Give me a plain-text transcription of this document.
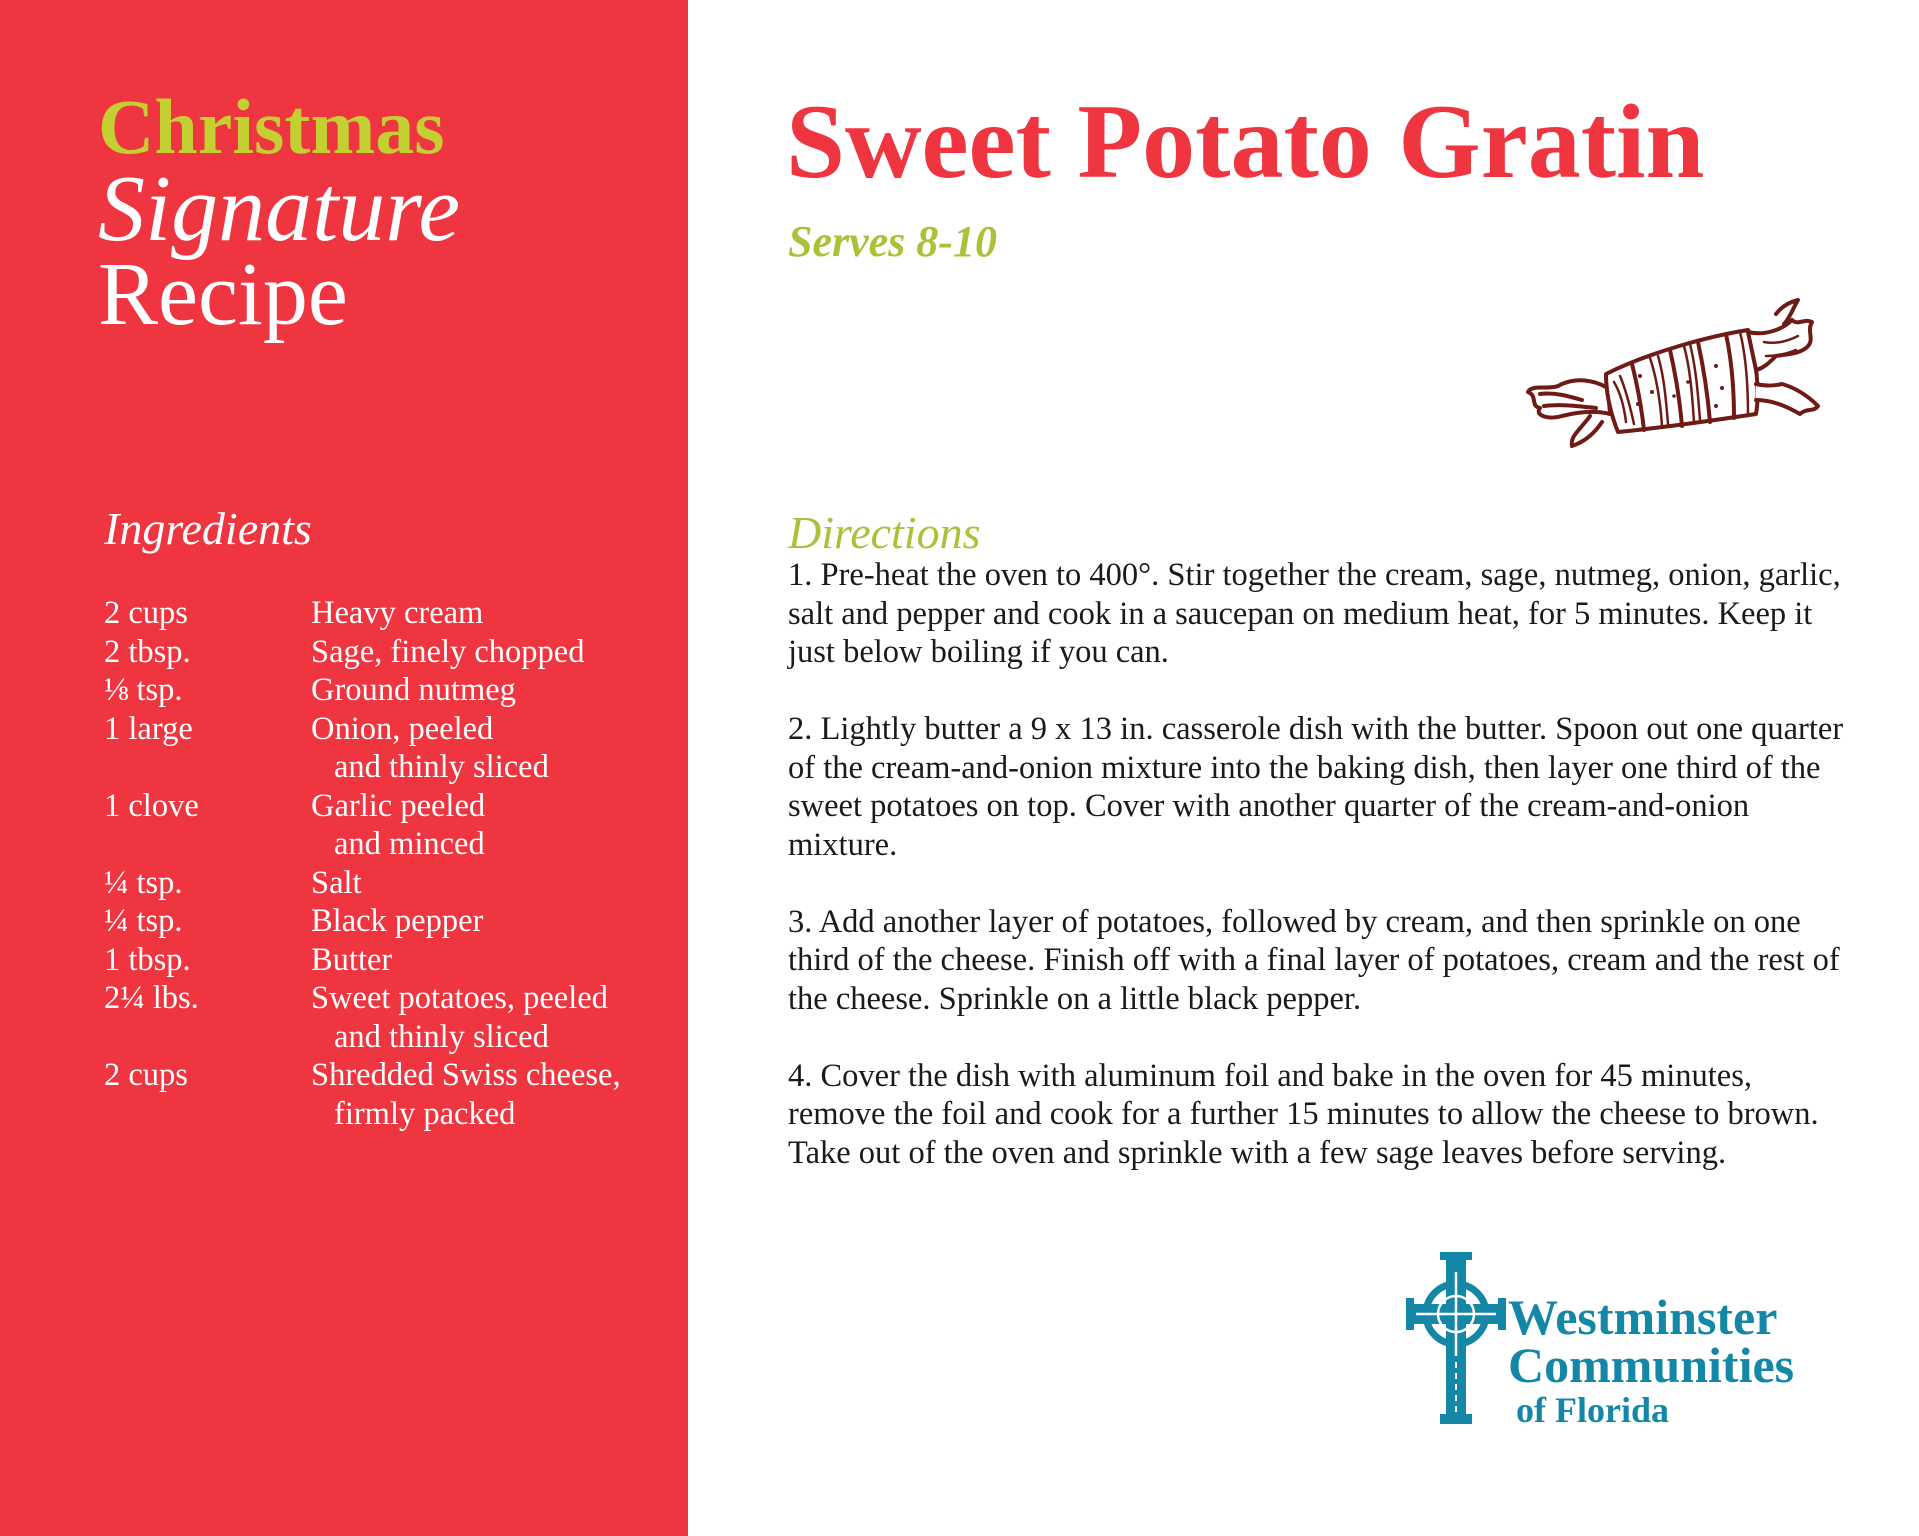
Christmas
Signature
Recipe
Ingredients
2 cups	Heavy cream
2 tbsp.	Sage, finely chopped
⅛ tsp.	Ground nutmeg
1 large	Onion, peeled
and thinly sliced
1 clove	Garlic peeled
and minced
¼ tsp.	Salt
¼ tsp.	Black pepper
1 tbsp.	Butter
2¼ lbs.	Sweet potatoes, peeled
and thinly sliced
2 cups	Shredded Swiss cheese,
firmly packed
Sweet Potato Gratin
Serves 8-10
Directions

1. Pre-heat the oven to 400°. Stir together the cream, sage, nutmeg, onion, garlic, salt and pepper and cook in a saucepan on medium heat, for 5 minutes. Keep it just below boiling if you can.

2. Lightly butter a 9 x 13 in. casserole dish with the butter. Spoon out one quarter of the cream-and-onion mixture into the baking dish, then layer one third of the sweet potatoes on top. Cover with another quarter of the cream-and-onion mixture.

3. Add another layer of potatoes, followed by cream, and then sprinkle on one third of the cheese. Finish off with a final layer of potatoes, cream and the rest of the cheese. Sprinkle on a little black pepper.

4. Cover the dish with aluminum foil and bake in the oven for 45 minutes, remove the foil and cook for a further 15 minutes to allow the cheese to brown. Take out of the oven and sprinkle with a few sage leaves before serving.

Westminster
Communities
of Florida
